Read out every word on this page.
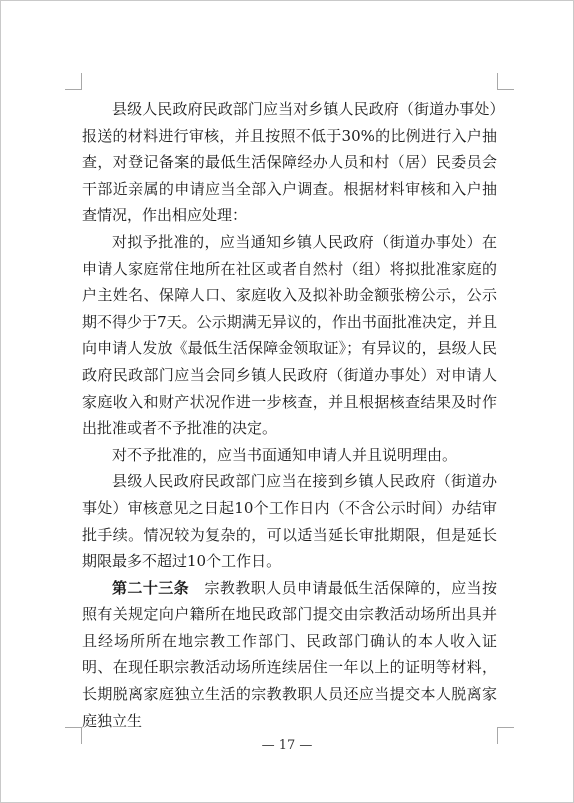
县级人民政府民政部门应当对乡镇人民政府（街道办事处）报送的材料进行审核，并且按照不低于30%的比例进行入户抽查，对登记备案的最低生活保障经办人员和村（居）民委员会干部近亲属的申请应当全部入户调查。根据材料审核和入户抽查情况，作出相应处理：

对拟予批准的，应当通知乡镇人民政府（街道办事处）在申请人家庭常住地所在社区或者自然村（组）将拟批准家庭的户主姓名、保障人口、家庭收入及拟补助金额张榜公示，公示期不得少于7天。公示期满无异议的，作出书面批准决定，并且向申请人发放《最低生活保障金领取证》；有异议的，县级人民政府民政部门应当会同乡镇人民政府（街道办事处）对申请人家庭收入和财产状况作进一步核查，并且根据核查结果及时作出批准或者不予批准的决定。

对不予批准的，应当书面通知申请人并且说明理由。

县级人民政府民政部门应当在接到乡镇人民政府（街道办事处）审核意见之日起10个工作日内（不含公示时间）办结审批手续。情况较为复杂的，可以适当延长审批期限，但是延长期限最多不超过10个工作日。

第二十三条　 宗教教职人员申请最低生活保障的，应当按照有关规定向户籍所在地民政部门提交由宗教活动场所出具并且经场所所在地宗教工作部门、民政部门确认的本人收入证明、在现任职宗教活动场所连续居住一年以上的证明等材料，长期脱离家庭独立生活的宗教教职人员还应当提交本人脱离家庭独立生

— 17 —
